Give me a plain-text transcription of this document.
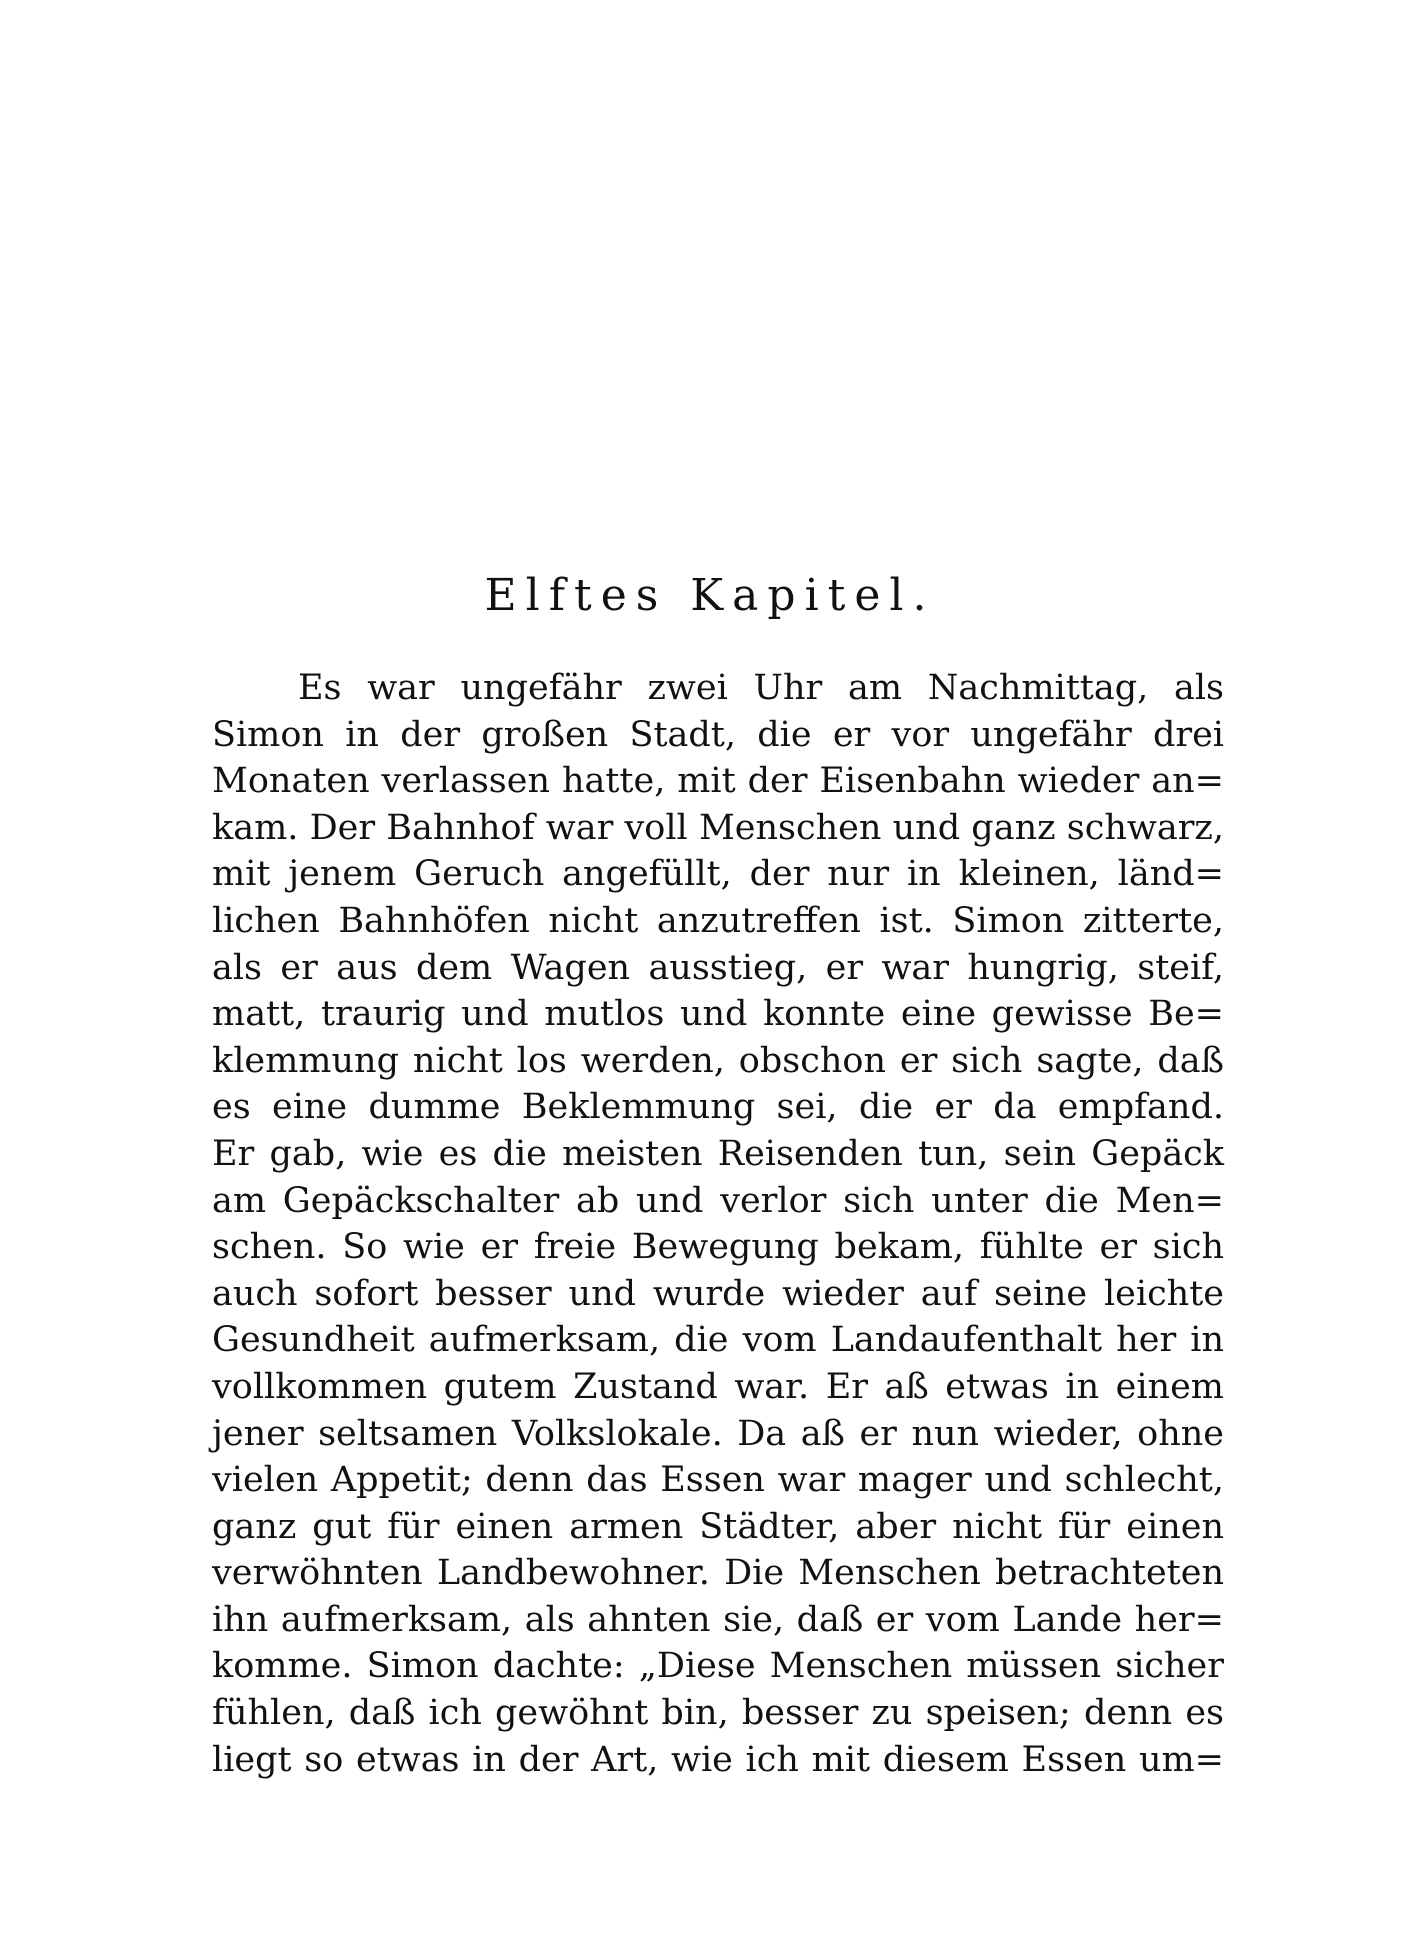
Elftes Kapitel.
Es war ungefähr zwei Uhr am Nachmittag, als
Simon in der großen Stadt, die er vor ungefähr drei
Monaten verlassen hatte, mit der Eisenbahn wieder an=
kam. Der Bahnhof war voll Menschen und ganz schwarz,
mit jenem Geruch angefüllt, der nur in kleinen, länd=
lichen Bahnhöfen nicht anzutreffen ist. Simon zitterte,
als er aus dem Wagen ausstieg, er war hungrig, steif,
matt, traurig und mutlos und konnte eine gewisse Be=
klemmung nicht los werden, obschon er sich sagte, daß
es eine dumme Beklemmung sei, die er da empfand.
Er gab, wie es die meisten Reisenden tun, sein Gepäck
am Gepäckschalter ab und verlor sich unter die Men=
schen. So wie er freie Bewegung bekam, fühlte er sich
auch sofort besser und wurde wieder auf seine leichte
Gesundheit aufmerksam, die vom Landaufenthalt her in
vollkommen gutem Zustand war. Er aß etwas in einem
jener seltsamen Volkslokale. Da aß er nun wieder, ohne
vielen Appetit; denn das Essen war mager und schlecht,
ganz gut für einen armen Städter, aber nicht für einen
verwöhnten Landbewohner. Die Menschen betrachteten
ihn aufmerksam, als ahnten sie, daß er vom Lande her=
komme. Simon dachte: „Diese Menschen müssen sicher
fühlen, daß ich gewöhnt bin, besser zu speisen; denn es
liegt so etwas in der Art, wie ich mit diesem Essen um=
